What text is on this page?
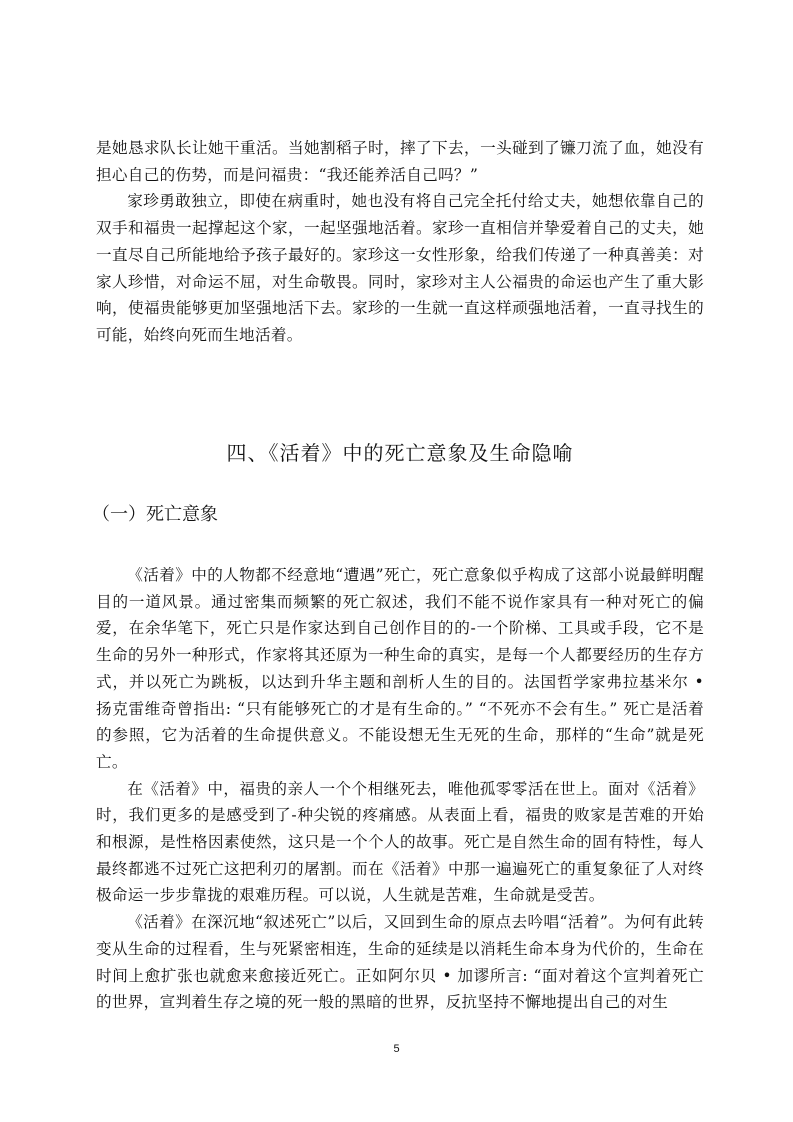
是她恳求队长让她干重活。当她割稻子时，摔了下去，一头碰到了镰刀流了血，她没有担心自己的伤势，而是问福贵：“我还能养活自己吗？”

家珍勇敢独立，即使在病重时，她也没有将自己完全托付给丈夫，她想依靠自己的双手和福贵一起撑起这个家，一起坚强地活着。家珍一直相信并挚爱着自己的丈夫，她一直尽自己所能地给予孩子最好的。家珍这一女性形象，给我们传递了一种真善美：对家人珍惜，对命运不屈，对生命敬畏。同时，家珍对主人公福贵的命运也产生了重大影响，使福贵能够更加坚强地活下去。家珍的一生就一直这样顽强地活着，一直寻找生的可能，始终向死而生地活着。

四、《活着》中的死亡意象及生命隐喻
（一）死亡意象

《活着》中的人物都不经意地“遭遇”死亡，死亡意象似乎构成了这部小说最鲜明醒目的一道风景。通过密集而频繁的死亡叙述，我们不能不说作家具有一种对死亡的偏爱，在余华笔下，死亡只是作家达到自己创作目的的-一个阶梯、工具或手段，它不是生命的另外一种形式，作家将其还原为一种生命的真实，是每一个人都要经历的生存方式，并以死亡为跳板，以达到升华主题和剖析人生的目的。法国哲学家弗拉基米尔 • 扬克雷维奇曾指出: “只有能够死亡的才是有生命的。” “不死亦不会有生。” 死亡是活着的参照，它为活着的生命提供意义。不能设想无生无死的生命，那样的“生命”就是死亡。

在《活着》中，福贵的亲人一个个相继死去，唯他孤零零活在世上。面对《活着》时，我们更多的是感受到了-种尖锐的疼痛感。从表面上看，福贵的败家是苦难的开始和根源，是性格因素使然，这只是一个个人的故事。死亡是自然生命的固有特性，每人最终都逃不过死亡这把利刃的屠割。而在《活着》中那一遍遍死亡的重复象征了人对终极命运一步步靠拢的艰难历程。可以说，人生就是苦难，生命就是受苦。

《活着》在深沉地“叙述死亡”以后，又回到生命的原点去吟唱“活着”。为何有此转变从生命的过程看，生与死紧密相连，生命的延续是以消耗生命本身为代价的，生命在时间上愈扩张也就愈来愈接近死亡。正如阿尔贝 • 加谬所言: “面对着这个宣判着死亡的世界，宣判着生存之境的死一般的黑暗的世界，反抗坚持不懈地提出自己的对生

5
